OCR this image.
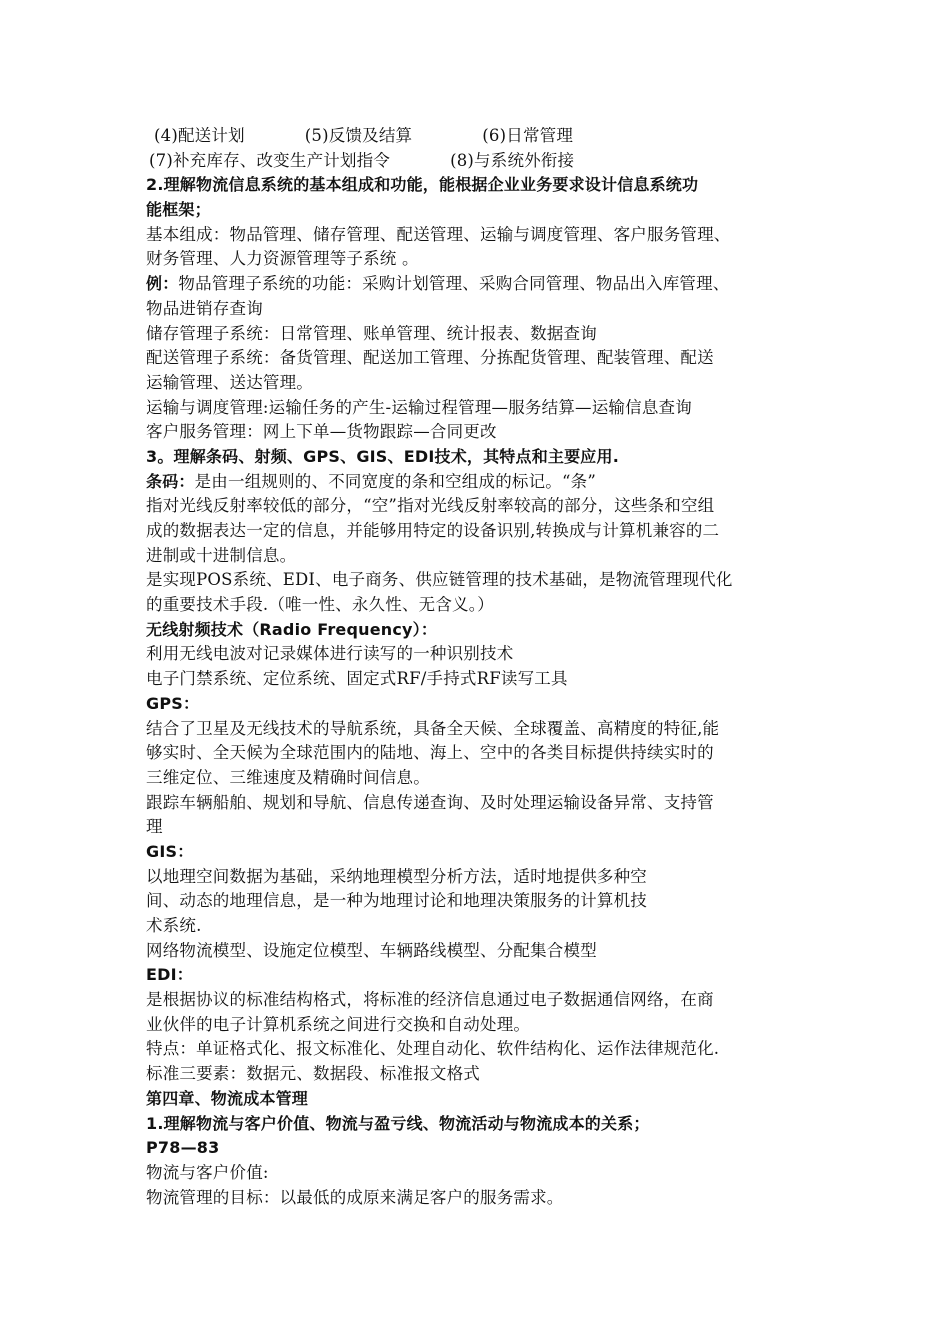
(4)配送计划	(5)反馈及结算	(6)日常管理
(7)补充库存、改变生产计划指令	(8)与系统外衔接
2.理解物流信息系统的基本组成和功能，能根据企业业务要求设计信息系统功
能框架；
基本组成：物品管理、储存管理、配送管理、运输与调度管理、客户服务管理、
财务管理、人力资源管理等子系统 。
例：物品管理子系统的功能：采购计划管理、采购合同管理、物品出入库管理、
物品进销存查询
储存管理子系统：日常管理、账单管理、统计报表、数据查询
配送管理子系统：备货管理、配送加工管理、分拣配货管理、配装管理、配送
运输管理、送达管理。
运输与调度管理:运输任务的产生-运输过程管理—服务结算—运输信息查询
客户服务管理：网上下单—货物跟踪—合同更改
3。理解条码、射频、GPS、GIS、EDI技术，其特点和主要应用.
条码：是由一组规则的、不同宽度的条和空组成的标记。“条”
指对光线反射率较低的部分，“空”指对光线反射率较高的部分，这些条和空组
成的数据表达一定的信息，并能够用特定的设备识别,转换成与计算机兼容的二
进制或十进制信息。
是实现POS系统、EDI、电子商务、供应链管理的技术基础，是物流管理现代化
的重要技术手段.（唯一性、永久性、无含义。）
无线射频技术（Radio Frequency）：
利用无线电波对记录媒体进行读写的一种识别技术
电子门禁系统、定位系统、固定式RF/手持式RF读写工具
GPS：
结合了卫星及无线技术的导航系统，具备全天候、全球覆盖、高精度的特征,能
够实时、全天候为全球范围内的陆地、海上、空中的各类目标提供持续实时的
三维定位、三维速度及精确时间信息。
跟踪车辆船舶、规划和导航、信息传递查询、及时处理运输设备异常、支持管
理
GIS：
以地理空间数据为基础，采纳地理模型分析方法，适时地提供多种空
间、动态的地理信息，是一种为地理讨论和地理决策服务的计算机技
术系统.
网络物流模型、设施定位模型、车辆路线模型、分配集合模型
EDI：
是根据协议的标准结构格式，将标准的经济信息通过电子数据通信网络，在商
业伙伴的电子计算机系统之间进行交换和自动处理。
特点：单证格式化、报文标准化、处理自动化、软件结构化、运作法律规范化.
标准三要素：数据元、数据段、标准报文格式
第四章、物流成本管理
1.理解物流与客户价值、物流与盈亏线、物流活动与物流成本的关系；
P78—83
物流与客户价值:
物流管理的目标：以最低的成原来满足客户的服务需求。
